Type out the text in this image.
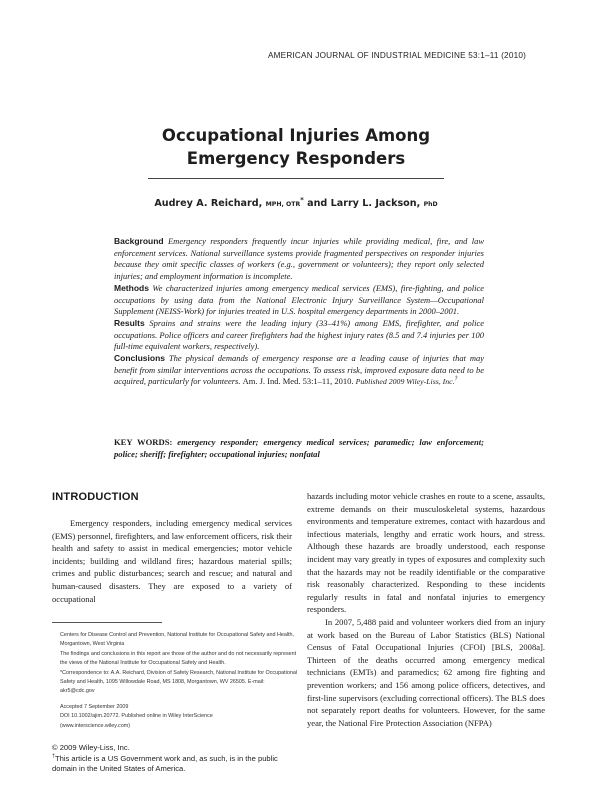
AMERICAN JOURNAL OF INDUSTRIAL MEDICINE 53:1–11 (2010)
Occupational Injuries Among
Emergency Responders
Audrey A. Reichard, MPH, OTR* and Larry L. Jackson, PhD

Background Emergency responders frequently incur injuries while providing medical, fire, and law enforcement services. National surveillance systems provide fragmented perspectives on responder injuries because they omit specific classes of workers (e.g., government or volunteers); they report only selected injuries; and employment information is incomplete.

Methods We characterized injuries among emergency medical services (EMS), fire-fighting, and police occupations by using data from the National Electronic Injury Surveillance System—Occupational Supplement (NEISS-Work) for injuries treated in U.S. hospital emergency departments in 2000–2001.

Results Sprains and strains were the leading injury (33–41%) among EMS, firefighter, and police occupations. Police officers and career firefighters had the highest injury rates (8.5 and 7.4 injuries per 100 full-time equivalent workers, respectively).

Conclusions The physical demands of emergency response are a leading cause of injuries that may benefit from similar interventions across the occupations. To assess risk, improved exposure data need to be acquired, particularly for volunteers. Am. J. Ind. Med. 53:1–11, 2010. Published 2009 Wiley-Liss, Inc.†

KEY WORDS: emergency responder; emergency medical services; paramedic; law enforcement; police; sheriff; firefighter; occupational injuries; nonfatal
INTRODUCTION

Emergency responders, including emergency medical services (EMS) personnel, firefighters, and law enforcement officers, risk their health and safety to assist in medical emergencies; motor vehicle incidents; building and wildland fires; hazardous material spills; crimes and public disturbances; search and rescue; and natural and human-caused disasters. They are exposed to a variety of occupational

hazards including motor vehicle crashes en route to a scene, assaults, extreme demands on their musculoskeletal systems, hazardous environments and temperature extremes, contact with hazardous and infectious materials, lengthy and erratic work hours, and stress. Although these hazards are broadly understood, each response incident may vary greatly in types of exposures and complexity such that the hazards may not be readily identifiable or the comparative risk reasonably characterized. Responding to these incidents regularly results in fatal and nonfatal injuries to emergency responders.

In 2007, 5,488 paid and volunteer workers died from an injury at work based on the Bureau of Labor Statistics (BLS) National Census of Fatal Occupational Injuries (CFOI) [BLS, 2008a]. Thirteen of the deaths occurred among emergency medical technicians (EMTs) and paramedics; 62 among fire fighting and prevention workers; and 156 among police officers, detectives, and first-line supervisors (excluding correctional officers). The BLS does not separately report deaths for volunteers. However, for the same year, the National Fire Protection Association (NFPA)

Centers for Disease Control and Prevention, National Institute for Occupational Safety and Health, Morgantown, West Virginia

The findings and conclusions in this report are those of the author and do not necessarily represent the views of the National Institute for Occupational Safety and Health.

*Correspondence to: A.A. Reichard, Division of Safety Research, National Institute for Occupational Safety and Health, 1095 Willowdale Road, MS 1808, Morgantown, WV 26505. E-mail: akr5@cdc.gov

Accepted 7 September 2009

DOI 10.1002/ajim.20772. Published online in Wiley InterScience

(www.interscience.wiley.com)

© 2009 Wiley-Liss, Inc.

†This article is a US Government work and, as such, is in the public domain in the United States of America.
